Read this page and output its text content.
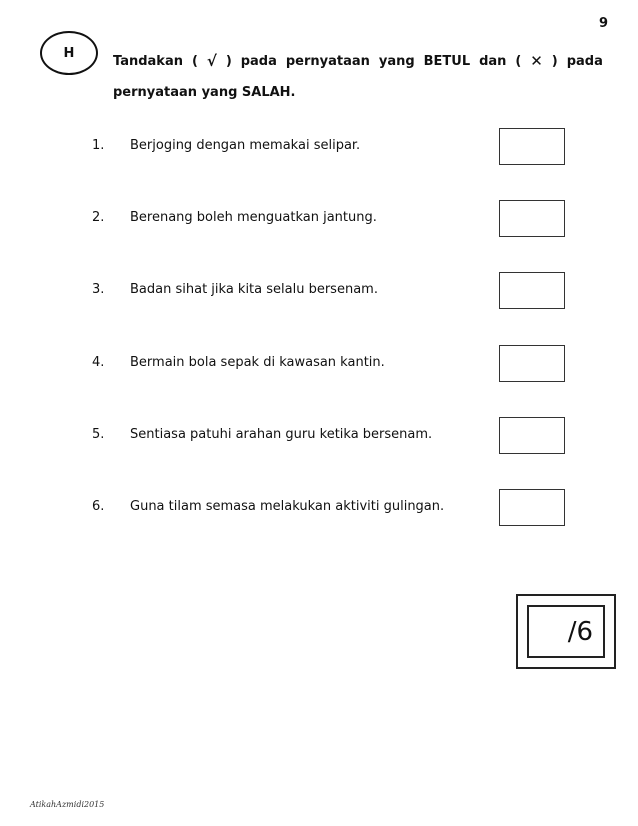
9
H
Tandakan ( √ ) pada pernyataan yang BETUL dan ( ✕ ) pada
pernyataan yang SALAH.
1. Berjoging dengan memakai selipar.
2. Berenang boleh menguatkan jantung.
3. Badan sihat jika kita selalu bersenam.
4. Bermain bola sepak di kawasan kantin.
5. Sentiasa patuhi arahan guru ketika bersenam.
6. Guna tilam semasa melakukan aktiviti gulingan.
/6
AtikahAzmidi2015
